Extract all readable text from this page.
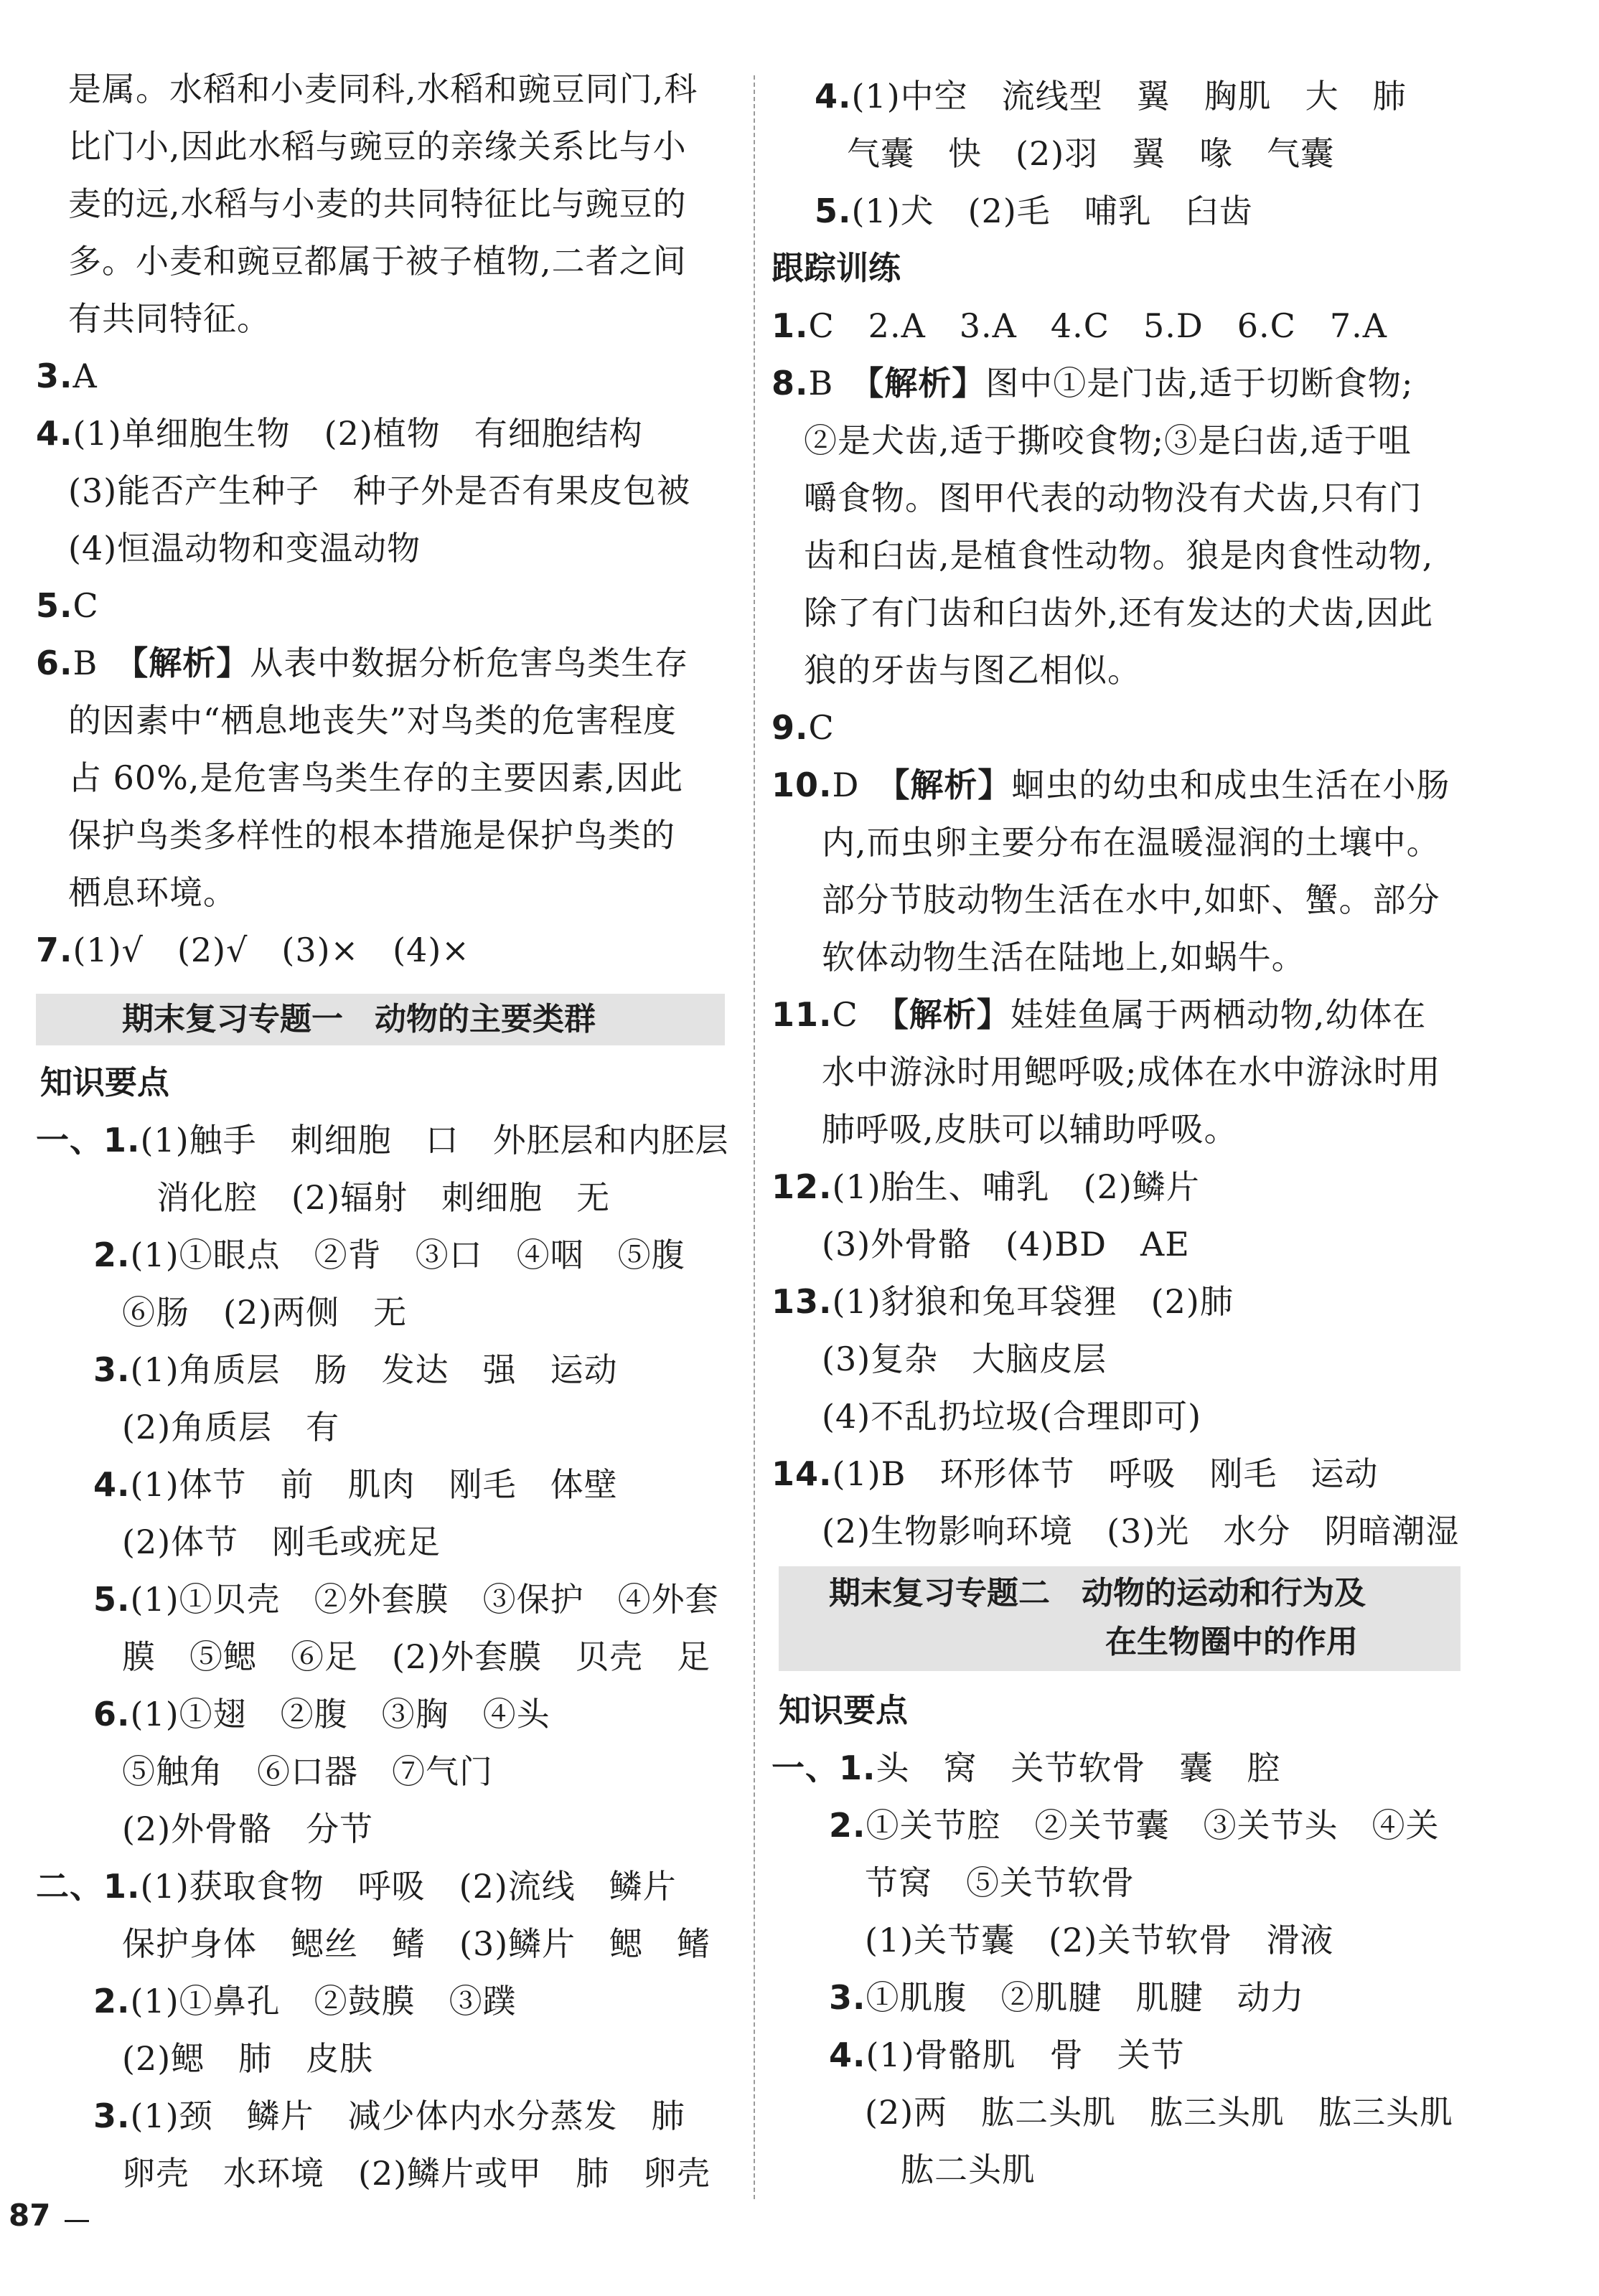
是属。水稻和小麦同科,水稻和豌豆同门,科
比门小,因此水稻与豌豆的亲缘关系比与小
麦的远,水稻与小麦的共同特征比与豌豆的
多。小麦和豌豆都属于被子植物,二者之间
有共同特征。
3.A
4.(1)单细胞生物　(2)植物　有细胞结构
(3)能否产生种子　种子外是否有果皮包被
(4)恒温动物和变温动物
5.C
6.B　【解析】从表中数据分析危害鸟类生存
的因素中“栖息地丧失”对鸟类的危害程度
占 60%,是危害鸟类生存的主要因素,因此
保护鸟类多样性的根本措施是保护鸟类的
栖息环境。
7.(1)√　(2)√　(3)×　(4)×
期末复习专题一　动物的主要类群
知识要点
一、1.(1)触手　刺细胞　口　外胚层和内胚层
消化腔　(2)辐射　刺细胞　无
2.(1)①眼点　②背　③口　④咽　⑤腹
⑥肠　(2)两侧　无
3.(1)角质层　肠　发达　强　运动
(2)角质层　有
4.(1)体节　前　肌肉　刚毛　体壁
(2)体节　刚毛或疣足
5.(1)①贝壳　②外套膜　③保护　④外套
膜　⑤鳃　⑥足　(2)外套膜　贝壳　足
6.(1)①翅　②腹　③胸　④头
⑤触角　⑥口器　⑦气门
(2)外骨骼　分节
二、1.(1)获取食物　呼吸　(2)流线　鳞片
保护身体　鳃丝　鳍　(3)鳞片　鳃　鳍
2.(1)①鼻孔　②鼓膜　③蹼
(2)鳃　肺　皮肤
3.(1)颈　鳞片　减少体内水分蒸发　肺
卵壳　水环境　(2)鳞片或甲　肺　卵壳
4.(1)中空　流线型　翼　胸肌　大　肺
气囊　快　(2)羽　翼　喙　气囊
5.(1)犬　(2)毛　哺乳　臼齿
跟踪训练
1.C　2.A　3.A　4.C　5.D　6.C　7.A
8.B　【解析】图中①是门齿,适于切断食物;
②是犬齿,适于撕咬食物;③是臼齿,适于咀
嚼食物。图甲代表的动物没有犬齿,只有门
齿和臼齿,是植食性动物。狼是肉食性动物,
除了有门齿和臼齿外,还有发达的犬齿,因此
狼的牙齿与图乙相似。
9.C
10.D　【解析】蛔虫的幼虫和成虫生活在小肠
内,而虫卵主要分布在温暖湿润的土壤中。
部分节肢动物生活在水中,如虾、蟹。部分
软体动物生活在陆地上,如蜗牛。
11.C　【解析】娃娃鱼属于两栖动物,幼体在
水中游泳时用鳃呼吸;成体在水中游泳时用
肺呼吸,皮肤可以辅助呼吸。
12.(1)胎生、哺乳　(2)鳞片
(3)外骨骼　(4)BD　AE
13.(1)豺狼和兔耳袋狸　(2)肺
(3)复杂　大脑皮层
(4)不乱扔垃圾(合理即可)
14.(1)B　环形体节　呼吸　刚毛　运动
(2)生物影响环境　(3)光　水分　阴暗潮湿
期末复习专题二　动物的运动和行为及
在生物圈中的作用
知识要点
一、1.头　窝　关节软骨　囊　腔
2.①关节腔　②关节囊　③关节头　④关
节窝　⑤关节软骨
(1)关节囊　(2)关节软骨　滑液
3.①肌腹　②肌腱　肌腱　动力
4.(1)骨骼肌　骨　关节
(2)两　肱二头肌　肱三头肌　肱三头肌
肱二头肌
87
